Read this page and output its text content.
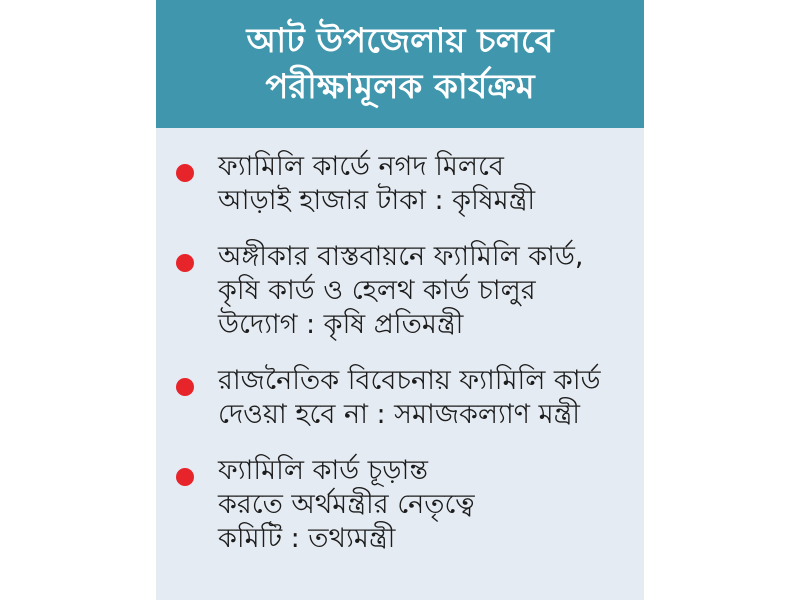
আট উপজেলায় চলবে
পরীক্ষামূলক কার্যক্রম
ফ্যামিলি কার্ডে নগদ মিলবে
আড়াই হাজার টাকা : কৃষিমন্ত্রী
অঙ্গীকার বাস্তবায়নে ফ্যামিলি কার্ড,
কৃষি কার্ড ও হেলথ কার্ড চালুর
উদ্যোগ : কৃষি প্রতিমন্ত্রী
রাজনৈতিক বিবেচনায় ফ্যামিলি কার্ড
দেওয়া হবে না : সমাজকল্যাণ মন্ত্রী
ফ্যামিলি কার্ড চূড়ান্ত
করতে অর্থমন্ত্রীর নেতৃত্বে
কমিটি : তথ্যমন্ত্রী
